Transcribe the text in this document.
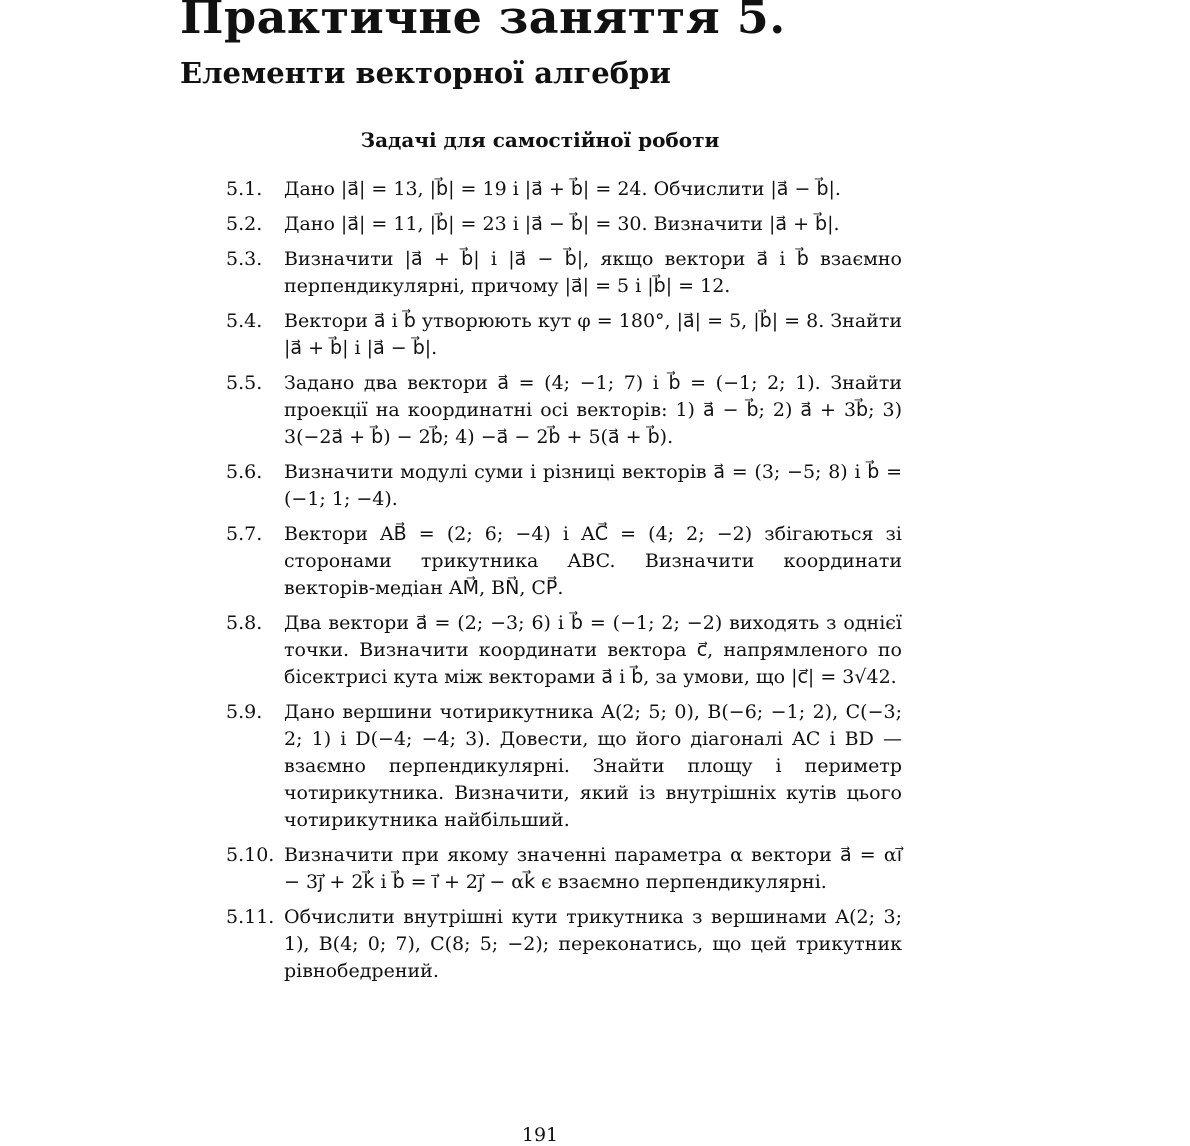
Практичне заняття 5.
Елементи векторної алгебри
Задачі для самостійної роботи
5.1.	Дано |a⃗| = 13, |b⃗| = 19 і |a⃗ + b⃗| = 24. Обчислити |a⃗ − b⃗|.
5.2.	Дано |a⃗| = 11, |b⃗| = 23 і |a⃗ − b⃗| = 30. Визначити |a⃗ + b⃗|.
5.3.	Визначити |a⃗ + b⃗| і |a⃗ − b⃗|, якщо вектори a⃗ і b⃗ взаємно перпендикулярні, причому |a⃗| = 5 і |b⃗| = 12.
5.4.	Вектори a⃗ і b⃗ утворюють кут φ = 180°, |a⃗| = 5, |b⃗| = 8. Знайти |a⃗ + b⃗| і |a⃗ − b⃗|.
5.5.	Задано два вектори a⃗ = (4; −1; 7) і b⃗ = (−1; 2; 1). Знайти проекції на координатні осі векторів: 1) a⃗ − b⃗; 2) a⃗ + 3b⃗; 3) 3(−2a⃗ + b⃗) − 2b⃗; 4) −a⃗ − 2b⃗ + 5(a⃗ + b⃗).
5.6.	Визначити модулі суми і різниці векторів a⃗ = (3; −5; 8) і b⃗ = (−1; 1; −4).
5.7.	Вектори AB⃗ = (2; 6; −4) і AC⃗ = (4; 2; −2) збігаються зі сторонами трикутника ABC. Визначити координати векторів-медіан AM⃗, BN⃗, CP⃗.
5.8.	Два вектори a⃗ = (2; −3; 6) і b⃗ = (−1; 2; −2) виходять з однієї точки. Визначити координати вектора c⃗, напрямленого по бісектрисі кута між векторами a⃗ і b⃗, за умови, що |c⃗| = 3√42.
5.9.	Дано вершини чотирикутника A(2; 5; 0), B(−6; −1; 2), C(−3; 2; 1) і D(−4; −4; 3). Довести, що його діагоналі AC і BD — взаємно перпендикулярні. Знайти площу і периметр чотирикутника. Визначити, який із внутрішніх кутів цього чотирикутника найбільший.
5.10. Визначити при якому значенні параметра α вектори a⃗ = αi⃗ − 3j⃗ + 2k⃗ і b⃗ = i⃗ + 2j⃗ − αk⃗ є взаємно перпендикулярні.
5.11. Обчислити внутрішні кути трикутника з вершинами A(2; 3; 1), B(4; 0; 7), C(8; 5; −2); переконатись, що цей трикутник рівнобедрений.
191
